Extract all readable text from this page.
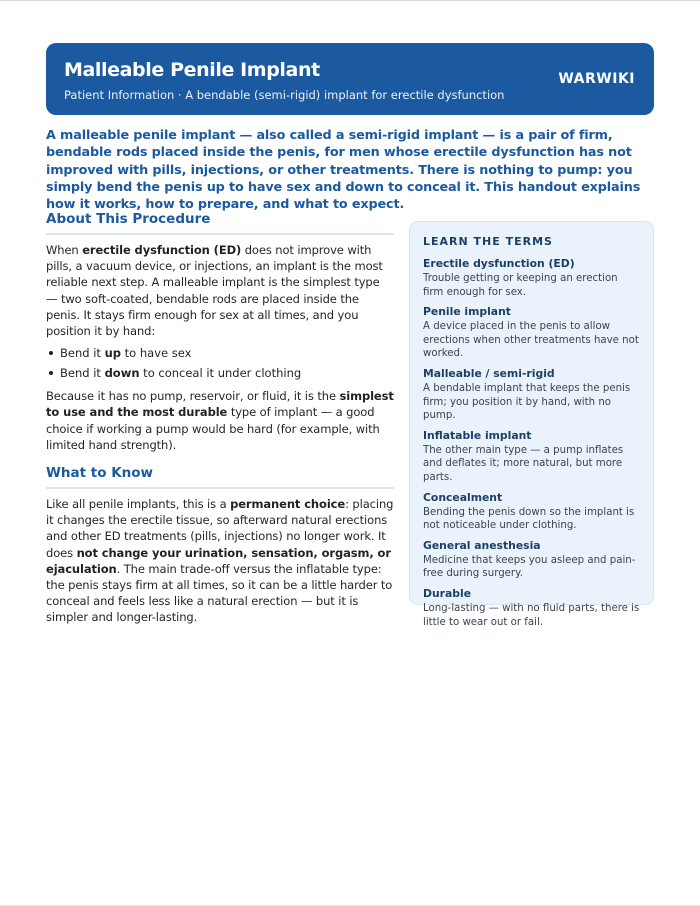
Malleable Penile Implant
Patient Information · A bendable (semi-rigid) implant for erectile dysfunction
WARWIKI
A malleable penile implant — also called a semi-rigid implant — is a pair of firm, bendable rods placed inside the penis, for men whose erectile dysfunction has not improved with pills, injections, or other treatments. There is nothing to pump: you simply bend the penis up to have sex and down to conceal it. This handout explains how it works, how to prepare, and what to expect.
About This Procedure

When erectile dysfunction (ED) does not improve with pills, a vacuum device, or injections, an implant is the most reliable next step. A malleable implant is the simplest type — two soft-coated, bendable rods are placed inside the penis. It stays firm enough for sex at all times, and you position it by hand:

Bend it up to have sex
Bend it down to conceal it under clothing

Because it has no pump, reservoir, or fluid, it is the simplest to use and the most durable type of implant — a good choice if working a pump would be hard (for example, with limited hand strength).

What to Know

Like all penile implants, this is a permanent choice: placing it changes the erectile tissue, so afterward natural erections and other ED treatments (pills, injections) no longer work. It does not change your urination, sensation, orgasm, or ejaculation. The main trade-off versus the inflatable type: the penis stays firm at all times, so it can be a little harder to conceal and feels less like a natural erection — but it is simpler and longer-lasting.

LEARN THE TERMS
Erectile dysfunction (ED)
Trouble getting or keeping an erection firm enough for sex.
Penile implant
A device placed in the penis to allow erections when other treatments have not worked.
Malleable / semi-rigid
A bendable implant that keeps the penis firm; you position it by hand, with no pump.
Inflatable implant
The other main type — a pump inflates and deflates it; more natural, but more parts.
Concealment
Bending the penis down so the implant is not noticeable under clothing.
General anesthesia
Medicine that keeps you asleep and pain-free during surgery.
Durable
Long-lasting — with no fluid parts, there is little to wear out or fail.
